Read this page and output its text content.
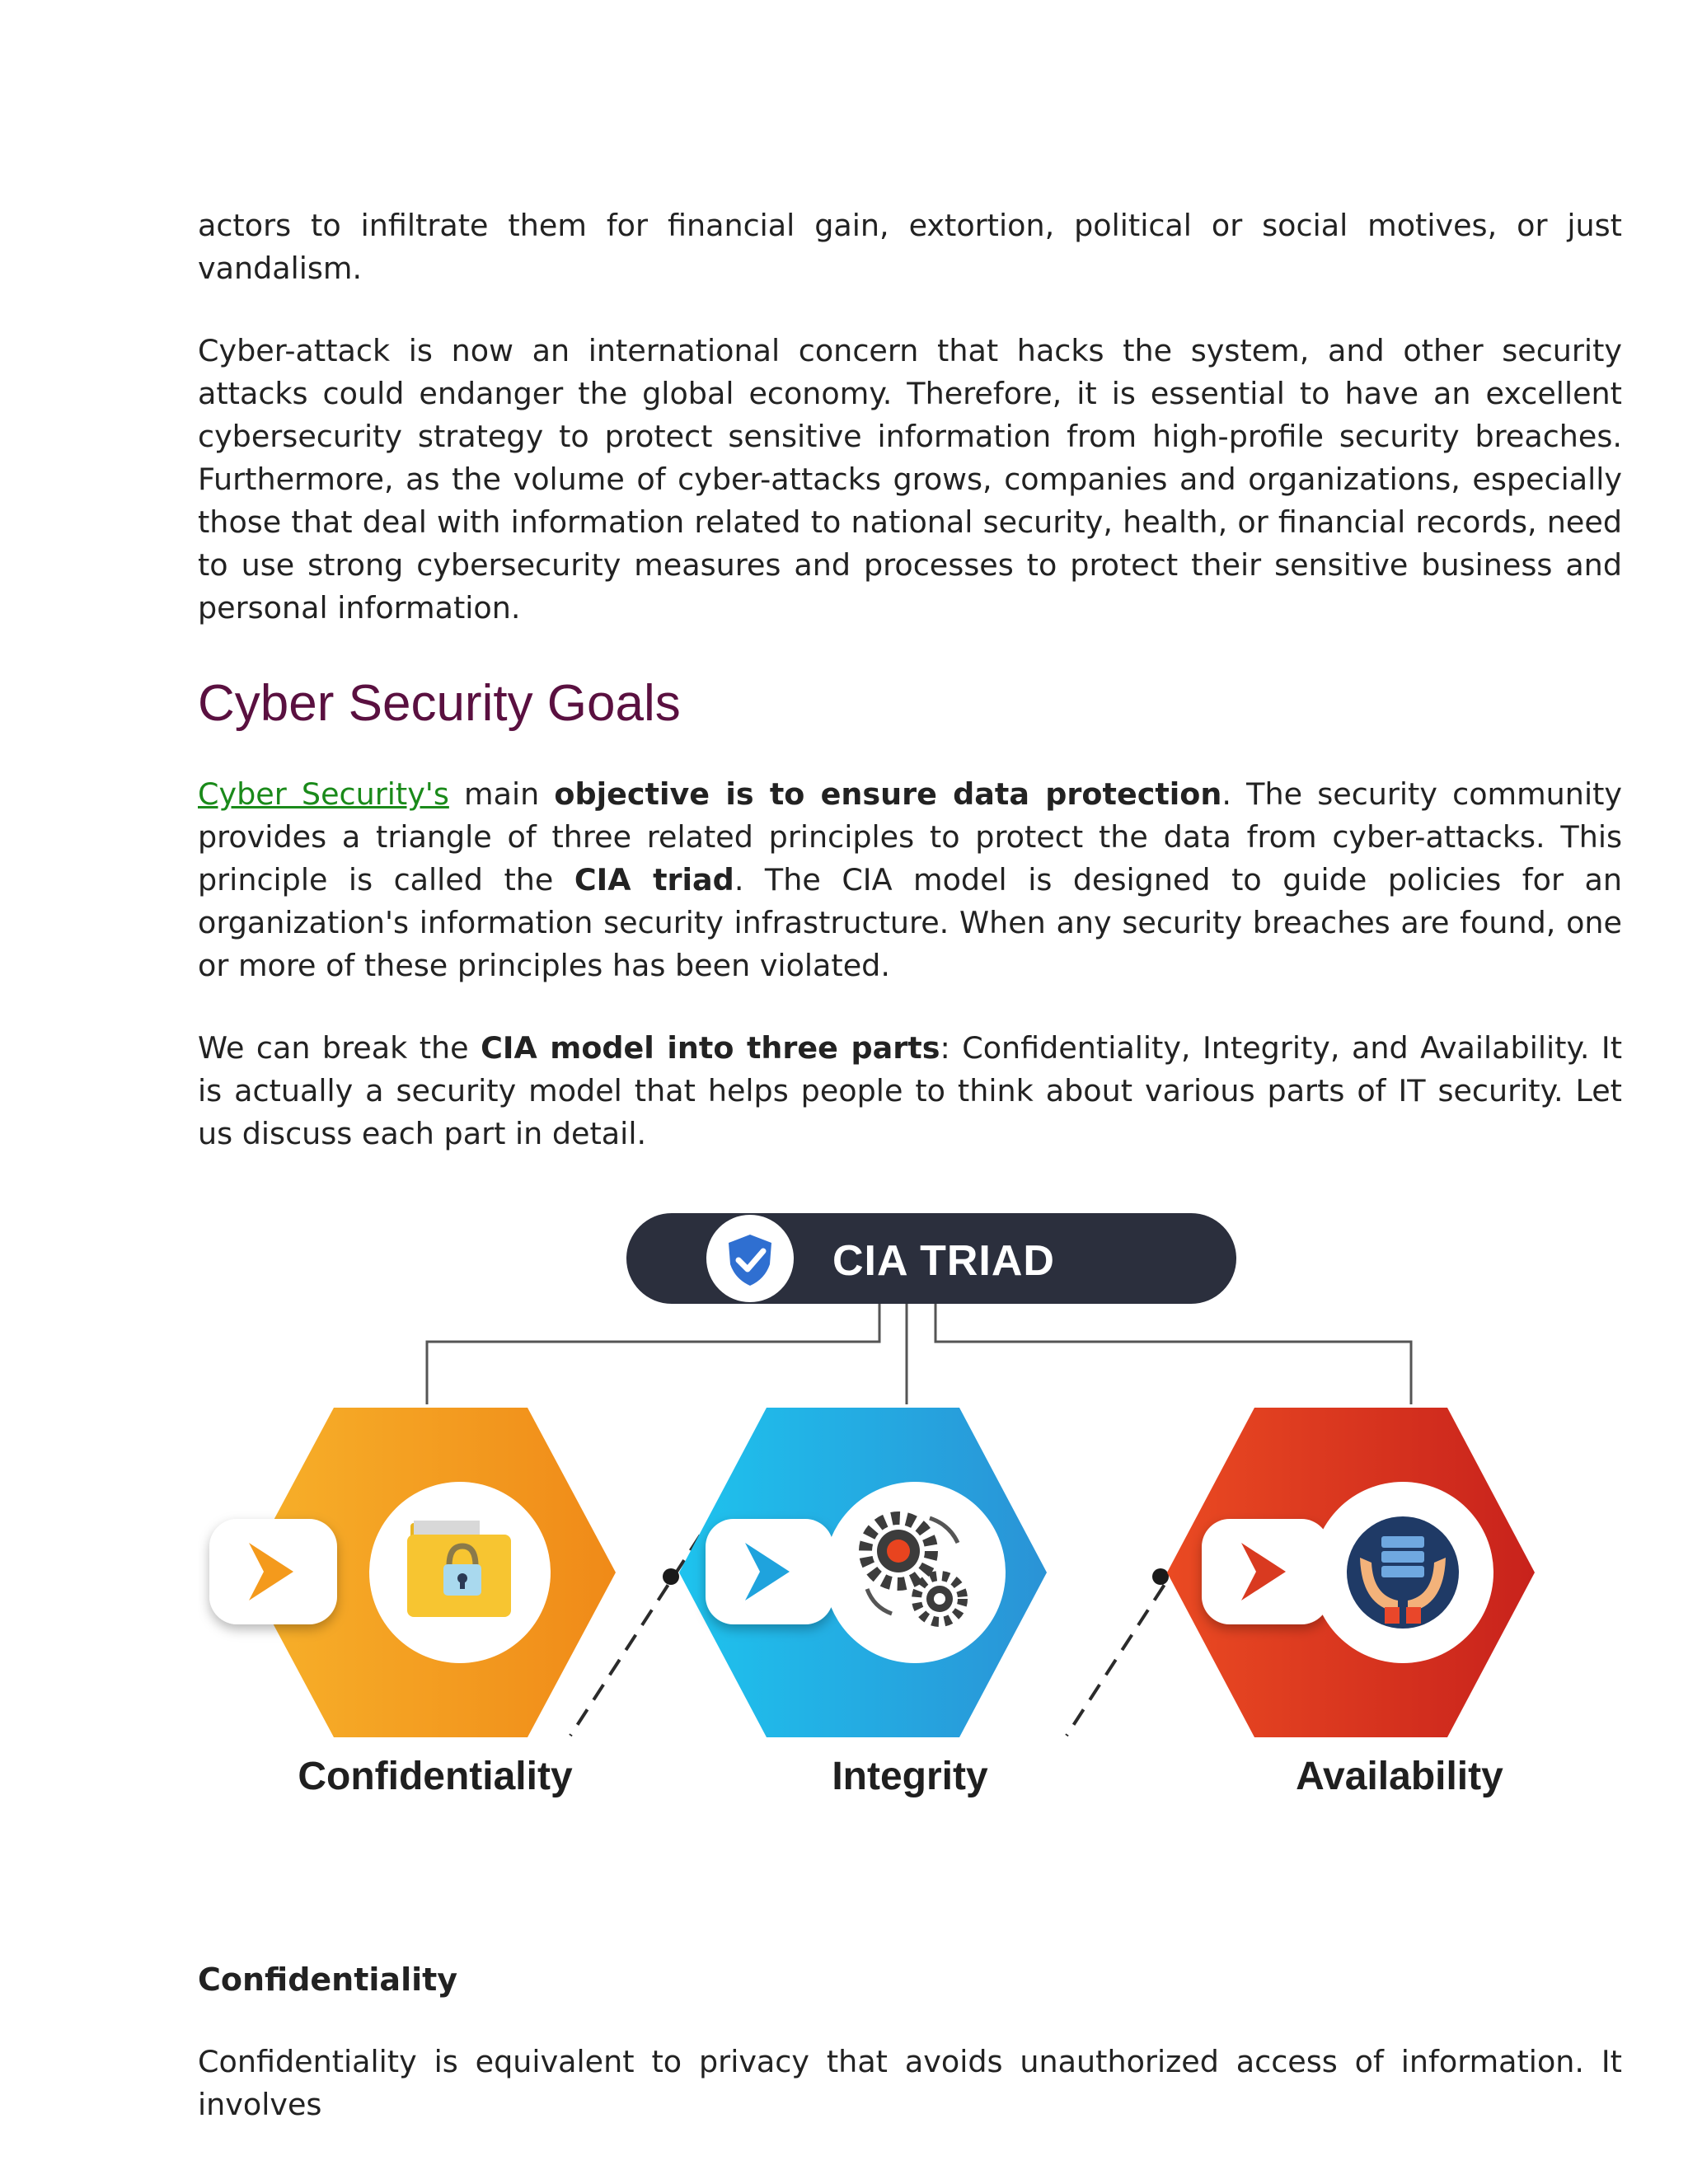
actors to infiltrate them for financial gain, extortion, political or social motives, or just vandalism.

Cyber-attack is now an international concern that hacks the system, and other security attacks could endanger the global economy. Therefore, it is essential to have an excellent cybersecurity strategy to protect sensitive information from high-profile security breaches. Furthermore, as the volume of cyber-attacks grows, companies and organizations, especially those that deal with information related to national security, health, or financial records, need to use strong cybersecurity measures and processes to protect their sensitive business and personal information.

Cyber Security Goals

Cyber Security's main objective is to ensure data protection. The security community provides a triangle of three related principles to protect the data from cyber-attacks. This principle is called the CIA triad. The CIA model is designed to guide policies for an organization's information security infrastructure. When any security breaches are found, one or more of these principles has been violated.

We can break the CIA model into three parts: Confidentiality, Integrity, and Availability. It is actually a security model that helps people to think about various parts of IT security. Let us discuss each part in detail.

CIA TRIAD
Confidentiality	Integrity	Availability
Confidentiality

Confidentiality is equivalent to privacy that avoids unauthorized access of information. It involves
